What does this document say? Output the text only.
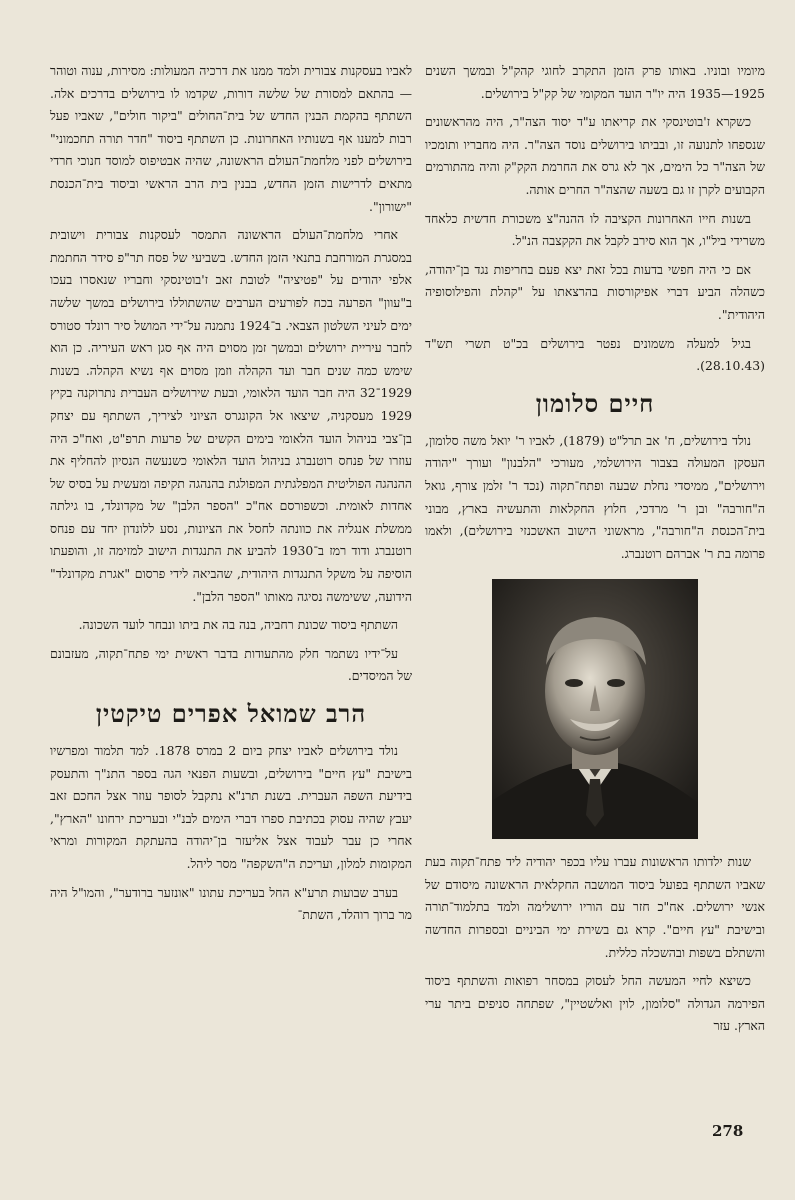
מיומיו ובוניו. באותו פרק הזמן התקרב לחוגי קהק"ל ובמשך השנים 1925—1935 היה יו"ר הועד המקומי של קק"ל בירושלים.

כשקרא ז'בוטינסקי את קריאתו ע"ד יסוד הצה"ר, היה מהראשונים שנספחו לתנועה זו, ובביתו בירושלים נוסד הצה"ר. היה מחבריו ותומכיו של הצה"ר כל הימים, אך לא גרס את החרמת הקק"ק והיה מהתורמים הקבועים לקרן זו גם בשעה שהצה"ר החרים אותה.

בשנות חייו האחרונות הקציבה לו ההנה"צ משכורת חדשית כלאחד משרידי ביל"ו, אך הוא סירב לקבל את הקקצבה הנ"ל.

אם כי היה חפשי בדעות בכל זאת יצא פעם בחריפות נגד בן־יהודה, כשהלה הביע דברי אפיקורסות בהרצאתו על "קהלת והפילוסופיה היהודית".

בגיל למעלה משמונים נפטר בירושלים בכ"ט תשרי תש"ד (28.10.43).

חיים סלומון

נולד בירושלים, ח' אב תרל"ט (1879), לאביו ר' יואל משה סלומון, העסקן המעולה בצבור הירושלמי, מעורכי "הלבנון" ועורך "יהודה וירושלים", ממיסדי נחלת שבעה ופתח־תקוה (נכד ר' זלמן צורף, גואל ה"חורבה" ובן ר' מרדכי, חלוץ החקלאות והתעשיה בארץ, מבוני בית־הכנסת ה"חורבה", מראשוני הישוב האשכנזי בירושלים), ולאמו פרומה בת ר' אברהם רוטנברג.

שנות ילדותו הראשונות עברו עליו בכפר יהודיה ליד פתח־תקוה בעת שאביו השתתף בפועל ביסוד המושבה החקלאית הראשונה מיסודם של אנשי ירושלים. אח"כ חזר עם הוריו ירושלימה ולמד בתלמוד־תורה ובישיבת "עץ חיים". קרא גם בשירת ימי הביניים ובספרות החדשה והשתלם בשפות ובהשכלה כללית.

כשיצא לחיי המעשה החל לעסוק במסחר רפואות והשתתף ביסוד הפירמה הגדולה "סלומון, לוין ואלשטיין", שפתחה סניפים ביתר ערי הארץ. עזר

לאביו בעסקנות צבורית ולמד ממנו את דרכיה המעולות: מסירות, ענוה וטוהר — בהתאם למסורת של שלשה דורות, שקדמו לו בירושלים בדרכים אלה. השתתף בהקמת הבנין החדש של בית־החולים "ביקור חולים", שאביו פעל רבות למענו אף בשנותיו האחרונות. כן השתתף ביסוד "חדר תורה תחכמוני" בירושלים לפני מלחמת־העולם הראשונה, שהיה אבטיפוס למוסד חנוכי חרדי מתאים לדרישות הזמן החדש, בבנין בית הרב הראשי וביסוד בית־הכנסת "ישורון".

אחרי מלחמת־העולם הראשונה התמסר לעסקנות צבורית וישובית במסגרת המורחבת בתנאי הזמן החדש. בשביעי של פסח תר"פ סידר החתמת אלפי יהודים על "פטיציה" לטובת זאב ז'בוטינסקי וחבריו שנאסרו בעכו ב"עוון" הפרעה בכח לפורעים הערבים שהשתוללו בירושלים במשך שלשה ימים לעיני השלטון הצבאי. ב־1924 נתמנה על־ידי המושל סיר רונלד סטורס לחבר עיריית ירושלים ובמשך זמן מסוים היה אף סגן ראש העיריה. כן הוא שימש כמה שנים חבר ועד הקהלה וזמן מסוים אף נשיא הקהלה. בשנות 1929־32 היה חבר הועד הלאומי, ובעת שירושלים העברית נתרוקנה בקיץ 1929 מעסקניה, שיצאו אל הקונגרס הציוני לציריך, השתתף עם יצחק בן־צבי בניהול הועד הלאומי בימים הקשים של פרעות תרפ"ט, ואח"כ היה עוזרו של פנחס רוטנברג בניהול הועד הלאומי כשנעשה הנסיון להחליף את ההנהגה הפוליטית המפלגתית המפולגת בהנהגה תקיפה ומעשית על בסיס של אחדות לאומית. וכשפורסם אח"כ "הספר הלבן" של מקדונלד, בו גילתה ממשלת אנגליה את כוונתה לחסל את הציונות, נסע ללונדון יחד עם פנחס רוטנברג ודוד רמז ב־1930 להביע את התנגדות הישוב למזימה זו, והופעתו הוסיפה על משקל התנגדות היהודית, שהביאה לידי פרסום "אגרת מקדונלד" הידועה, ששימשה נסיגה מאותו "הספר הלבן".

השתתף ביסוד שכונת רחביה, בנה בה את ביתו ונבחר לועד השכונה.

על־ידיו נשתמר חלק מהתעודות בדבר ראשית ימי פתח־תקוה, מעזבונם של המיסדים.

הרב שמואל אפרים טיקטין

נולד בירושלים לאביו יצחק ביום 2 במרס 1878. למד תלמוד ומפרשיו בישיבת "עץ חיים" בירושלים, ובשעות הפנאי הגה בספר התנ"ך והתעסק בידיעת השפה העברית. בשנת תרנ"א נתקבל לסופר עוזר אצל החכם זאב יעבץ שהיה עסוק בכתיבת ספרו דברי הימים לבנ"י ובעריכת ירחונו "הארץ", אחרי כן עבר לעבוד אצל אליעזר בן־יהודה בהעתקת המקורות ומראי המקומות למלון, ועריכת ה"השקפה" מסר ליהל.

בערב שבועות תרע"א החל בעריכת עתונו "אונזער ברודער", והמו"ל היה מר ברוך רוהלד, השתת־

278
